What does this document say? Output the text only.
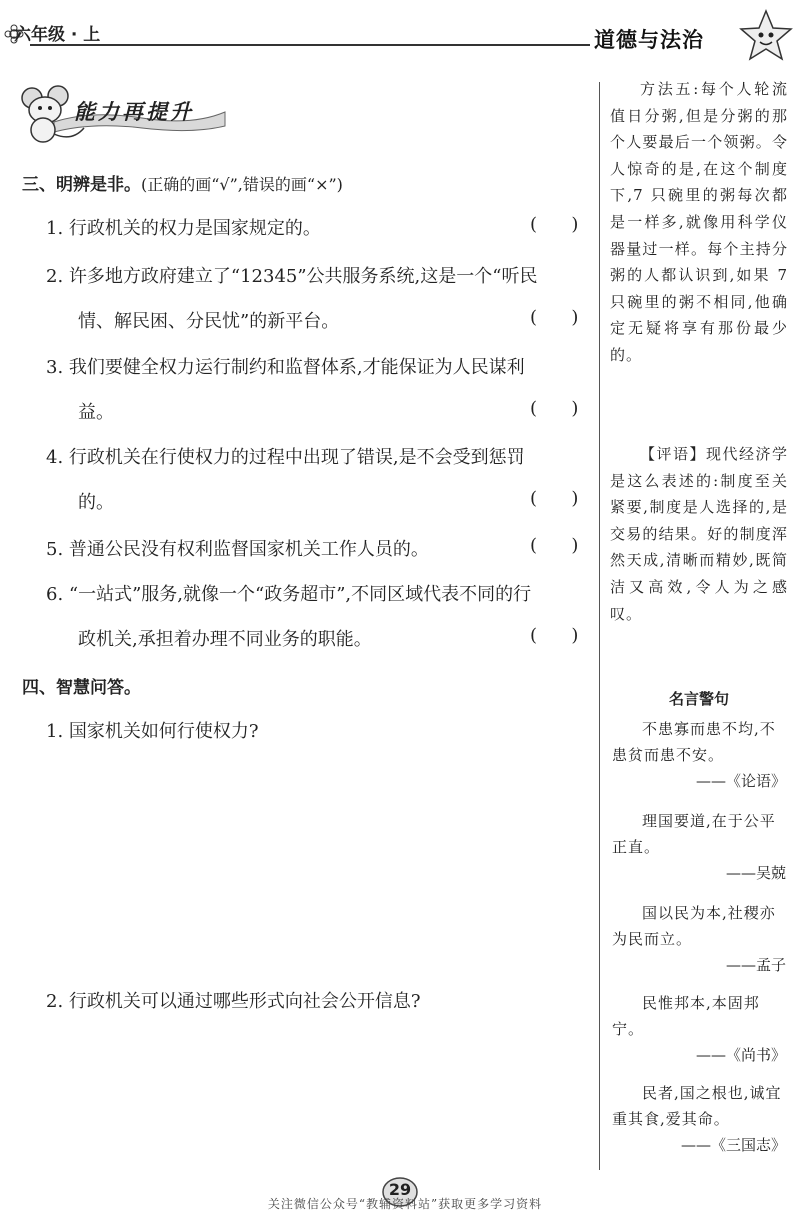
六年级 · 上	道德与法治
能力再提升
三、明辨是非。(正确的画“√”,错误的画“×”)
1. 行政机关的权力是国家规定的。	(      )
2. 许多地方政府建立了“12345”公共服务系统,这是一个“听民
情、解民困、分民忧”的新平台。	(      )
3. 我们要健全权力运行制约和监督体系,才能保证为人民谋利
益。	(      )
4. 行政机关在行使权力的过程中出现了错误,是不会受到惩罚
的。	(      )
5. 普通公民没有权利监督国家机关工作人员的。	(      )
6. “一站式”服务,就像一个“政务超市”,不同区域代表不同的行
政机关,承担着办理不同业务的职能。	(      )
四、智慧问答。
1. 国家机关如何行使权力?
2. 行政机关可以通过哪些形式向社会公开信息?

方法五:每个人轮流值日分粥,但是分粥的那个人要最后一个领粥。令人惊奇的是,在这个制度下,7 只碗里的粥每次都是一样多,就像用科学仪器量过一样。每个主持分粥的人都认识到,如果 7 只碗里的粥不相同,他确定无疑将享有那份最少的。

【评语】现代经济学是这么表述的:制度至关紧要,制度是人选择的,是交易的结果。好的制度浑然天成,清晰而精妙,既简洁又高效,令人为之感叹。

名言警句
不患寡而患不均,不患贫而患不安。
——《论语》
理国要道,在于公平正直。
——吴兢
国以民为本,社稷亦为民而立。
——孟子
民惟邦本,本固邦宁。
——《尚书》
民者,国之根也,诚宜重其食,爱其命。
——《三国志》
29
关注微信公众号“教辅资料站”获取更多学习资料
